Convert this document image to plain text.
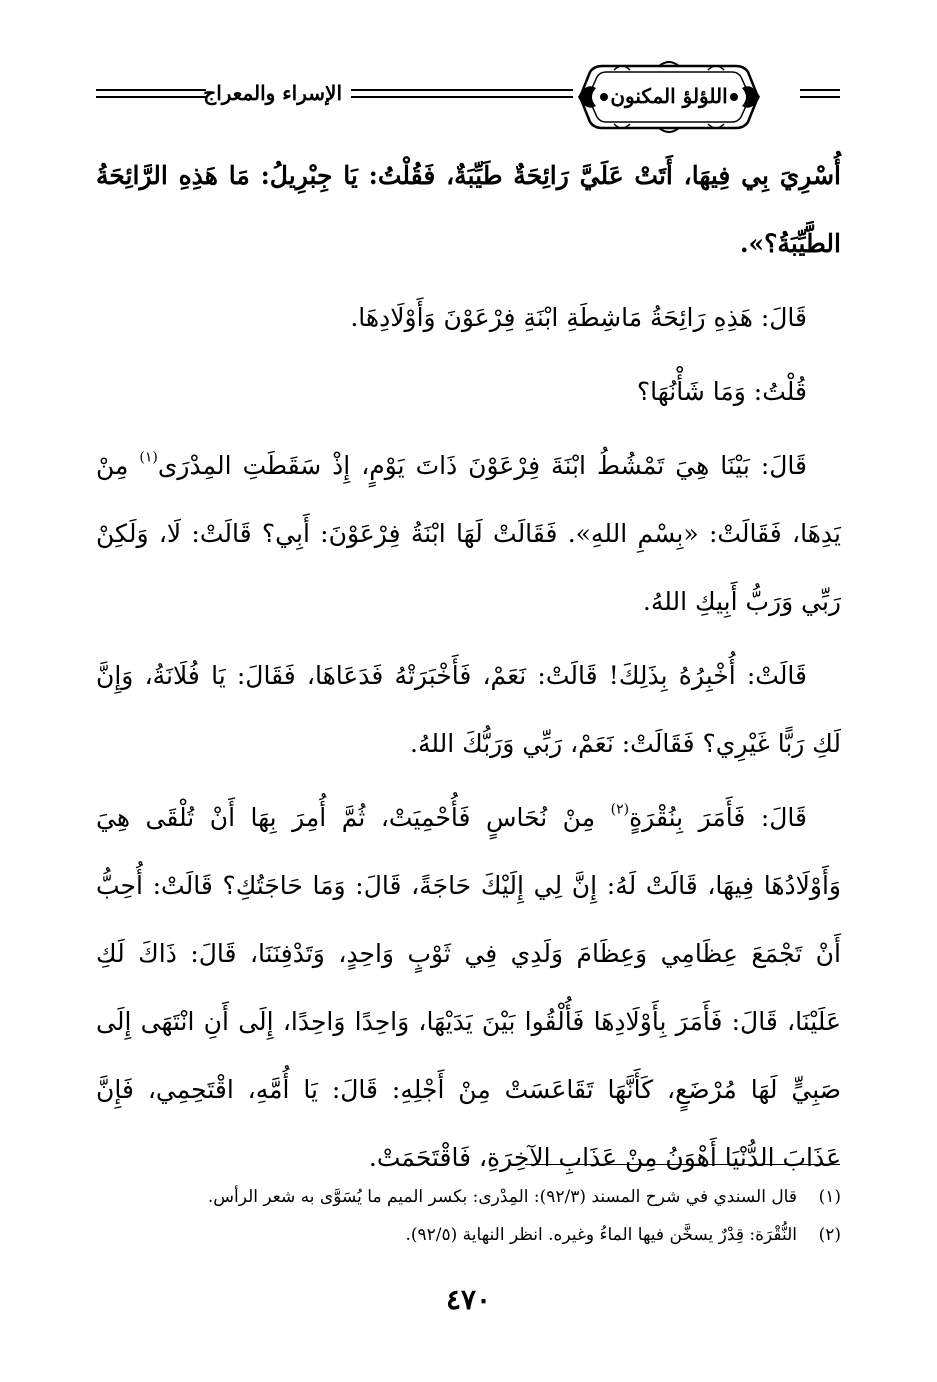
الإسراء والمعراج	اللؤلؤ المكنون

أُسْرِيَ بِي فِيهَا، أَتَتْ عَلَيَّ رَائِحَةٌ طَيِّبَةٌ، فَقُلْتُ: يَا جِبْرِيلُ: مَا هَذِهِ الرَّائِحَةُ الطَّيِّبَةُ؟».

قَالَ: هَذِهِ رَائِحَةُ مَاشِطَةِ ابْنَةِ فِرْعَوْنَ وَأَوْلَادِهَا.

قُلْتُ: وَمَا شَأْنُهَا؟

قَالَ: بَيْنَا هِيَ تَمْشُطُ ابْنَةَ فِرْعَوْنَ ذَاتَ يَوْمٍ، إِذْ سَقَطَتِ المِدْرَى$^{(١)}$ مِنْ يَدِهَا، فَقَالَتْ: «بِسْمِ اللهِ». فَقَالَتْ لَهَا ابْنَةُ فِرْعَوْنَ: أَبِي؟ قَالَتْ: لَا، وَلَكِنْ رَبِّي وَرَبُّ أَبِيكِ اللهُ.

قَالَتْ: أُخْبِرُهُ بِذَلِكَ! قَالَتْ: نَعَمْ، فَأَخْبَرَتْهُ فَدَعَاهَا، فَقَالَ: يَا فُلَانَةُ، وَإِنَّ لَكِ رَبًّا غَيْرِي؟ فَقَالَتْ: نَعَمْ، رَبِّي وَرَبُّكَ اللهُ.

قَالَ: فَأَمَرَ بِنُقْرَةٍ$^{(٢)}$ مِنْ نُحَاسٍ فَأُحْمِيَتْ، ثُمَّ أُمِرَ بِهَا أَنْ تُلْقَى هِيَ وَأَوْلَادُهَا فِيهَا، قَالَتْ لَهُ: إِنَّ لِي إِلَيْكَ حَاجَةً، قَالَ: وَمَا حَاجَتُكِ؟ قَالَتْ: أُحِبُّ أَنْ تَجْمَعَ عِظَامِي وَعِظَامَ وَلَدِي فِي ثَوْبٍ وَاحِدٍ، وَتَدْفِنَنَا، قَالَ: ذَاكَ لَكِ عَلَيْنَا، قَالَ: فَأَمَرَ بِأَوْلَادِهَا فَأُلْقُوا بَيْنَ يَدَيْهَا، وَاحِدًا وَاحِدًا، إِلَى أَنِ انْتَهَى إِلَى صَبِيٍّ لَهَا مُرْضَعٍ، كَأَنَّهَا تَقَاعَسَتْ مِنْ أَجْلِهِ: قَالَ: يَا أُمَّهِ، اقْتَحِمِي، فَإِنَّ عَذَابَ الدُّنْيَا أَهْوَنُ مِنْ عَذَابِ الآخِرَةِ، فَاقْتَحَمَتْ.

(١)قال السندي في شرح المسند (٩٢/٣): المِدْرى: بكسر الميم ما يُسَوَّى به شعر الرأس.

(٢)النُّقْرَة: قِدْرٌ يسخَّن فيها الماءُ وغيره. انظر النهاية (٩٢/٥).

٤٧٠
